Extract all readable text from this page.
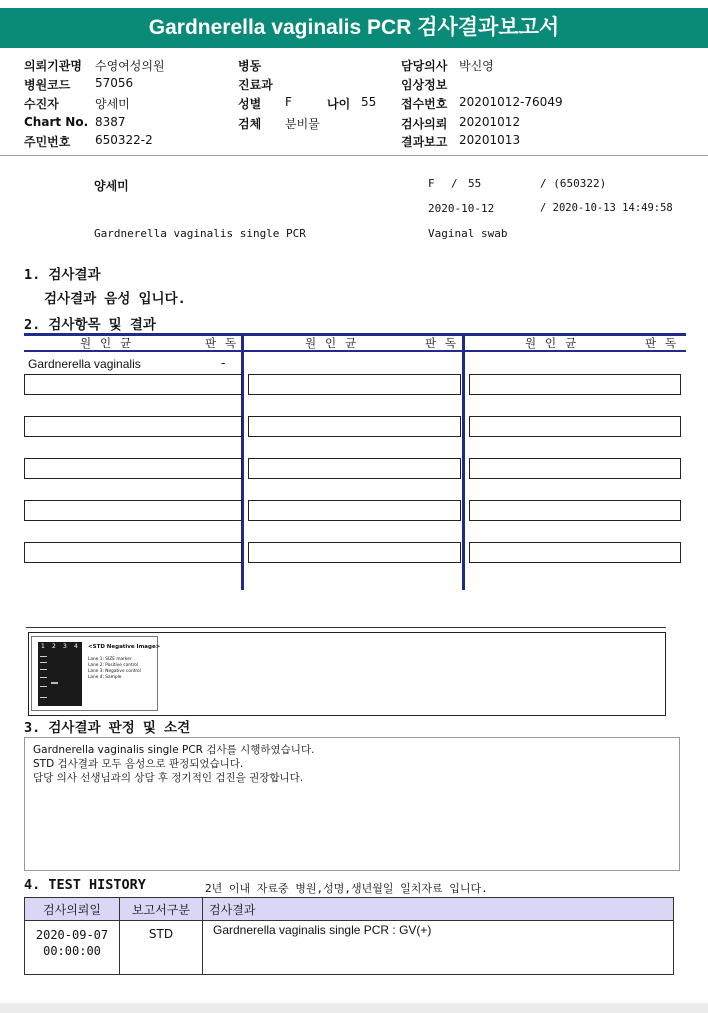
Gardnerella vaginalis PCR 검사결과보고서
의뢰기관명 수영여성의원
병원코드 57056
수진자	양세미
Chart No. 8387
주민번호 650322-2
병동
진료과
성별 F	나이 55
검체 분비물
담당의사 박신영
임상정보
접수번호 20201012-76049
검사의뢰 20201012
결과보고 20201013
양세미	F / 55	/ (650322)
2020-10-12	/ 2020-10-13 14:49:58
Gardnerella vaginalis single PCR	Vaginal swab
1. 검사결과
검사결과 음성 입니다.
2. 검사항목 및 결과
원 인 균	판 독	원 인 균	판 독	원 인 균	판 독
Gardnerella vaginalis	-
1 2 3 4 <STD Negative Image>
Lane 1: SIZE marker
Lane 2: Positive control
Lane 3: Negative control
Lane 4: Sample
3. 검사결과 판정 및 소견
Gardnerella vaginalis single PCR 검사를 시행하였습니다.
STD 검사결과 모두 음성으로 판정되었습니다.
담당 의사 선생님과의 상담 후 정기적인 검진을 권장합니다.
4. TEST HISTORY	2년 이내 자료중 병원,성명,생년월일 일치자료 입니다.
검사의뢰일	보고서구분	검사결과

2020-09-07
00:00:00	STD	Gardnerella vaginalis single PCR : GV(+)
